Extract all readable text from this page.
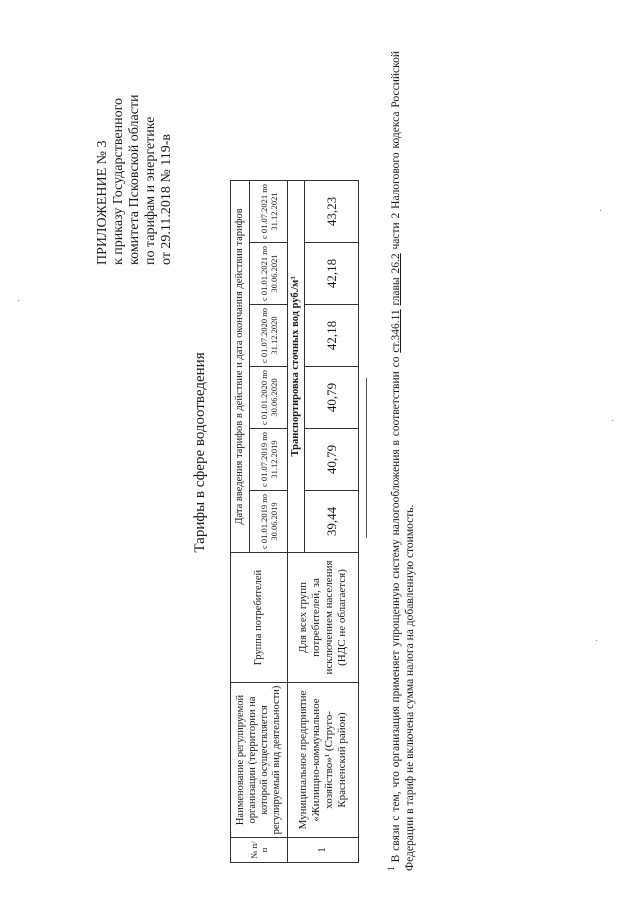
ПРИЛОЖЕНИЕ № 3 к приказу Государственного комитета Псковской области по тарифам и энергетике от 29.11.2018 № 119-в
Тарифы в сфере водоотведения
№ п/п	Наименование регулируемой организации (территории на которой осуществляется регулируемый вид деятельности)	Группа потребителей	Дата введения тарифов в действие и дата окончания действия тарифов					
			с 01.01.2019 по 30.06.2019	с 01.07.2019 по 31.12.2019	с 01.01.2020 по 30.06.2020	с 01.07.2020 по 31.12.2020	с 01.01.2021 по 30.06.2021	с 01.07.2021 по 31.12.2021
1	Муниципальное предприятие «Жилищно-коммунальное хозяйство»¹ (Струго-Красненский район)	Для всех групп потребителей, за исключением населения (НДС не облагается)	Транспортировка сточных вод руб./м³					
			39,44	40,79	40,79	42,18	42,18	43,23
$^1$ В связи с тем, что организация применяет упрощенную систему налогообложения в соответствии со ст.346.11 главы 26.2 части 2 Налогового кодекса Российской Федерации в тариф не включена сумма налога на добавленную стоимость.
